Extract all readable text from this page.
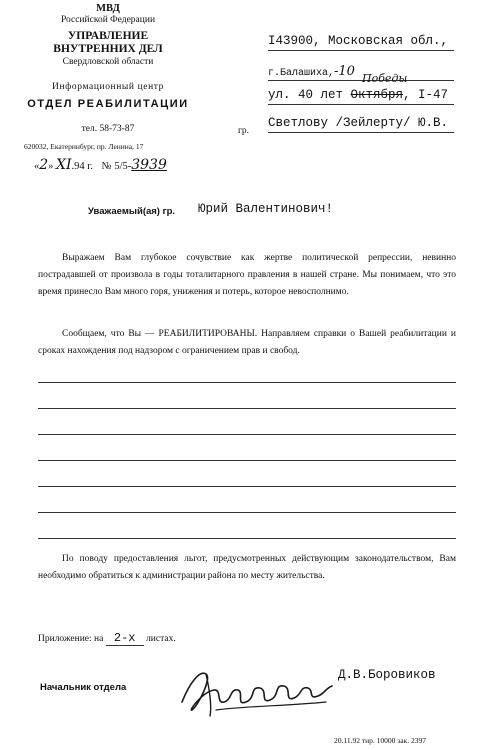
МВД
Российской Федерации
УПРАВЛЕНИЕ
ВНУТРЕННИХ ДЕЛ
Свердловской области
Информационный центр
ОТДЕЛ РЕАБИЛИТАЦИИ
тел. 58-73-87
620032, Екатеринбург, пр. Ленина, 17
«2» XI.94 г. № 5/5-3939
гр.
I43900, Московская обл.,
г.Балашиха,-10 Победы
ул. 40 лет Октября, I-47
Светлову /Зейлерту/ Ю.В.
Уважаемый(ая) гр. Юрий Валентинович!
Выражаем Вам глубокое сочувствие как жертве политической репрессии, невинно пострадавшей от произвола в годы тоталитарного правления в нашей стране. Мы понимаем, что это время принесло Вам много горя, унижения и потерь, которое невосполнимо.
Сообщаем, что Вы — РЕАБИЛИТИРОВАНЫ. Направляем справки о Вашей реабилитации и сроках нахождения под надзором с ограничением прав и свобод.
По поводу предоставления льгот, предусмотренных действующим законодательством, Вам необходимо обратиться к администрации района по месту жительства.
Приложение: на 2-х листах.
Начальник отдела
Д.В.Боровиков
20.11.92 тир. 10000 зак. 2397
